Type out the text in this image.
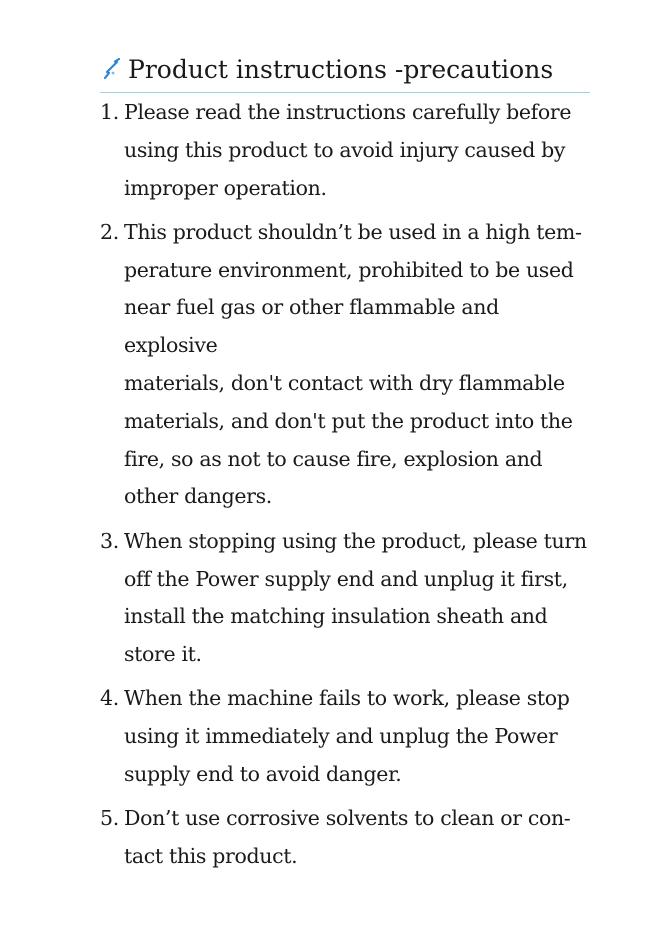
Product instructions -precautions
1. Please read the instructions carefully before
using this product to avoid injury caused by
improper operation.
2. This product shouldn’t be used in a high tem-
perature environment, prohibited to be used
near fuel gas or other flammable and explosive
materials, don't contact with dry flammable
materials, and don't put the product into the
fire, so as not to cause fire, explosion and
other dangers.
3. When stopping using the product, please turn
off the Power supply end and unplug it first,
install the matching insulation sheath and
store it.
4. When the machine fails to work, please stop
using it immediately and unplug the Power
supply end to avoid danger.
5. Don’t use corrosive solvents to clean or con-
tact this product.
